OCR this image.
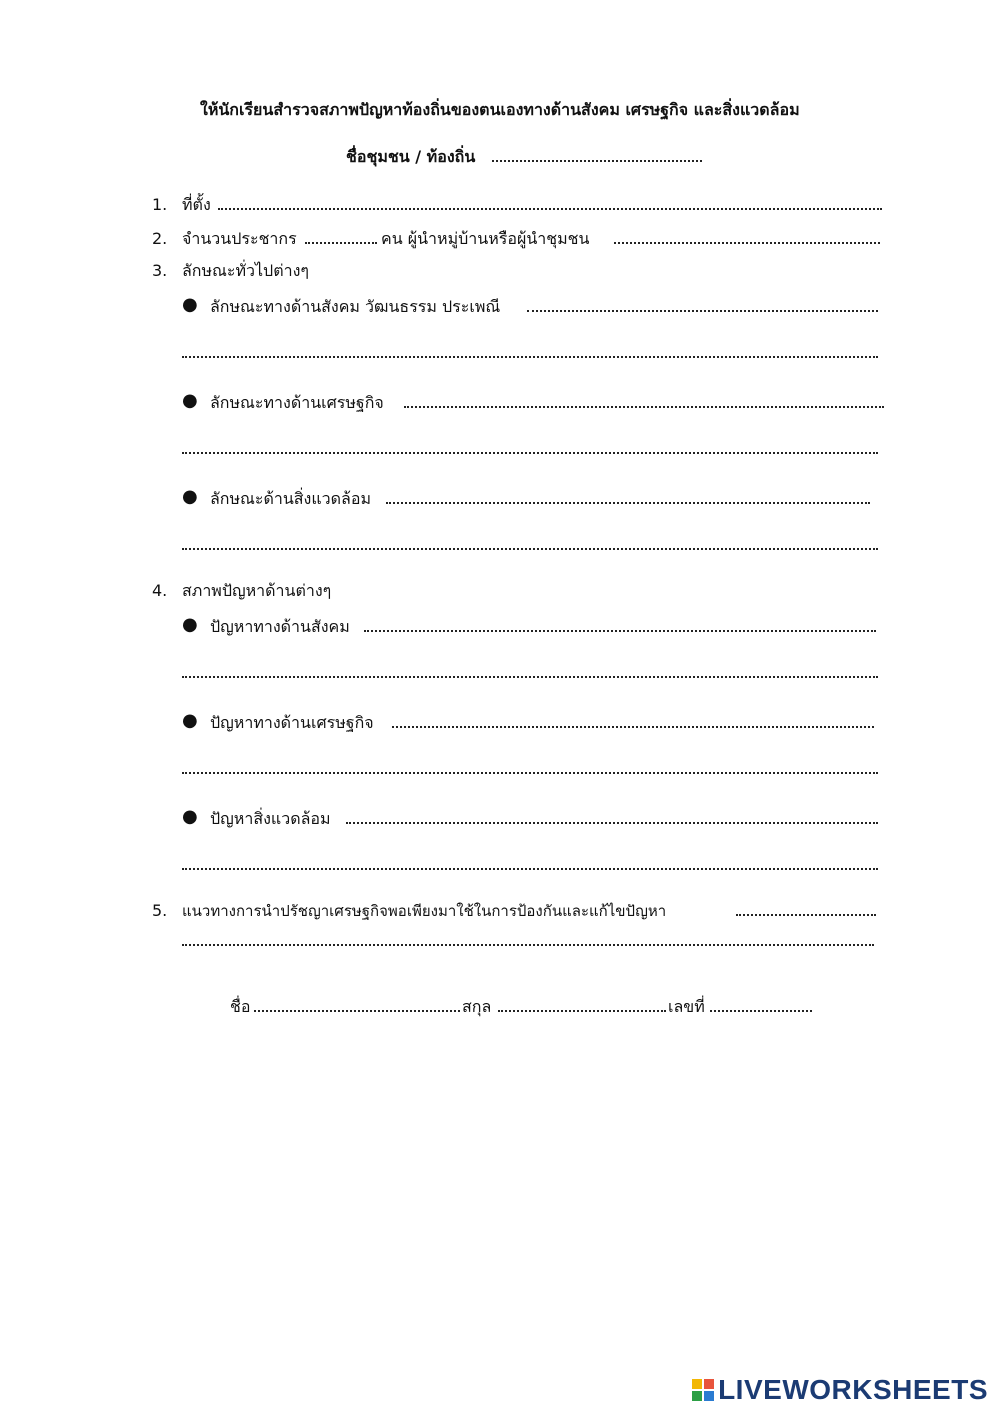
ให้นักเรียนสำรวจสภาพปัญหาท้องถิ่นของตนเองทางด้านสังคม เศรษฐกิจ และสิ่งแวดล้อม
ชื่อชุมชน / ท้องถิ่น
1. ที่ตั้ง
2. จำนวนประชากร	คน ผู้นำหมู่บ้านหรือผู้นำชุมชน
3. ลักษณะทั่วไปต่างๆ
● ลักษณะทางด้านสังคม วัฒนธรรม ประเพณี
● ลักษณะทางด้านเศรษฐกิจ
● ลักษณะด้านสิ่งแวดล้อม
4. สภาพปัญหาด้านต่างๆ
● ปัญหาทางด้านสังคม
● ปัญหาทางด้านเศรษฐกิจ
● ปัญหาสิ่งแวดล้อม
5. แนวทางการนำปรัชญาเศรษฐกิจพอเพียงมาใช้ในการป้องกันและแก้ไขปัญหา
ชื่อ	สกุล	เลขที่
LIVEWORKSHEETS
